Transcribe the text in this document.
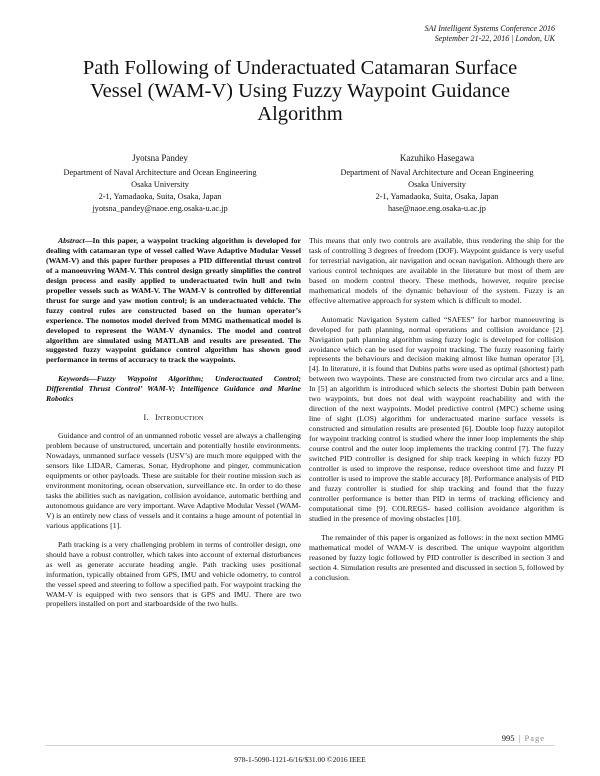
SAI Intelligent Systems Conference 2016
September 21-22, 2016 | London, UK
Path Following of Underactuated Catamaran Surface
Vessel (WAM-V) Using Fuzzy Waypoint Guidance
Algorithm
Jyotsna Pandey
Department of Naval Architecture and Ocean Engineering
Osaka University
2-1, Yamadaoka, Suita, Osaka, Japan
jyotsna_pandey@naoe.eng.osaka-u.ac.jp
Kazuhiko Hasegawa
Department of Naval Architecture and Ocean Engineering
Osaka University
2-1, Yamadaoka, Suita, Osaka, Japan
hase@naoe.eng.osaka-u.ac.jp
Abstract—In this paper, a waypoint tracking algorithm is developed for dealing with catamaran type of vessel called Wave Adaptive Modular Vessel (WAM-V) and this paper further proposes a PID differential thrust control of a manoeuvring WAM-V. This control design greatly simplifies the control design process and easily applied to underactuated twin hull and twin propeller vessels such as WAM-V. The WAM-V is controlled by differential thrust for surge and yaw motion control; is an underactuated vehicle. The fuzzy control rules are constructed based on the human operator’s experience. The nomotos model derived from MMG mathematical model is developed to represent the WAM-V dynamics. The model and control algorithm are simulated using MATLAB and results are presented. The suggested fuzzy waypoint guidance control algorithm has shown good performance in terms of accuracy to track the waypoints.
Keywords—Fuzzy Waypoint Algorithm; Underactuated Control; Differential Thrust Control’ WAM-V; Intelligence Guidance and Marine Robotics
I. Introduction

Guidance and control of an unmanned robotic vessel are always a challenging problem because of unstructured, uncertain and potentially hostile environments. Nowadays, unmanned surface vessels (USV’s) are much more equipped with the sensors like LIDAR, Cameras, Sonar, Hydrophone and pinger, communication equipments or other payloads. These are suitable for their routine mission such as environment monitoring, ocean observation, surveillance etc. In order to do these tasks the abilities such as navigation, collision avoidance, automatic berthing and autonomous guidance are very important. Wave Adaptive Modular Vessel (WAM-V) is an entirely new class of vessels and it contains a huge amount of potential in various applications [1].

Path tracking is a very challenging problem in terms of controller design, one should have a robust controller, which takes into account of external disturbances as well as generate accurate heading angle. Path tracking uses positional information, typically obtained from GPS, IMU and vehicle odometry, to control the vessel speed and steering to follow a specified path. For waypoint tracking the WAM-V is equipped with two sensors that is GPS and IMU. There are two propellers installed on port and starboardside of the two hulls.

This means that only two controls are available, thus rendering the ship for the task of controlling 3 degrees of freedom (DOF). Waypoint guidance is very useful for terrestrial navigation, air navigation and ocean navigation. Although there are various control techniques are available in the literature but most of them are based on modern control theory. These methods, however, require precise mathematical models of the dynamic behaviour of the system. Fuzzy is an effective alternative approach for system which is difficult to model.

Automatic Navigation System called “SAFES” for harbor manoeuvring is developed for path planning, normal operations and collision avoidance [2]. Navigation path planning algorithm using fuzzy logic is developed for collision avoidance which can be used for waypoint tracking. The fuzzy reasoning fairly represents the behaviours and decision making almost like human operator [3], [4]. In literature, it is found that Dubins paths were used as optimal (shortest) path between two waypoints. These are constructed from two circular arcs and a line. In [5] an algorithm is introduced which selects the shortest Dubin path between two waypoints, but does not deal with waypoint reachability and with the direction of the next waypoints. Model predictive control (MPC) scheme using line of sight (LOS) algorithm for underactuated marine surface vessels is constructed and simulation results are presented [6]. Double loop fuzzy autopilot for waypoint tracking control is studied where the inner loop implements the ship course control and the outer loop implements the tracking control [7]. The fuzzy switched PID controller is designed for ship track keeping in which fuzzy PD controller is used to improve the response, reduce overshoot time and fuzzy PI controller is used to improve the stable accuracy [8]. Performance analysis of PID and fuzzy controller is studied for ship tracking and found that the fuzzy controller performance is better than PID in terms of tracking efficiency and computational time [9]. COLREGS- based collision avoidance algorithm is studied in the presence of moving obstacles [10].

The remainder of this paper is organized as follows: in the next section MMG mathematical model of WAM-V is described. The unique waypoint algorithm reasoned by fuzzy logic followed by PID controller is described in section 3 and section 4. Simulation results are presented and discussed in section 5, followed by a conclusion.

995 | Page
978-1-5090-1121-6/16/$31.00 ©2016 IEEE
